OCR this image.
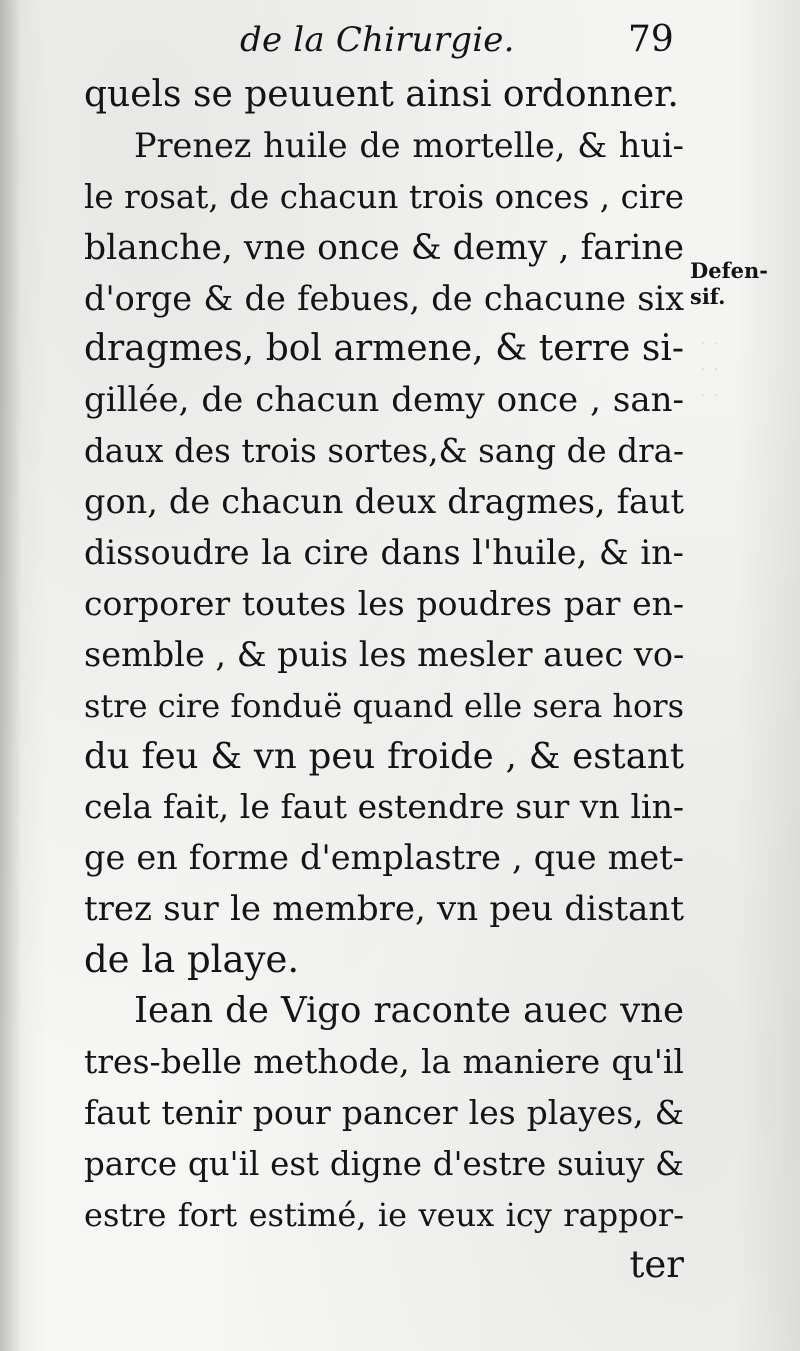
· ·
· ·
· ·
de la Chirurgie.	79
Defen-
sif.
quels se peuuent ainsi ordonner.
Prenez huile de mortelle, & hui-
le rosat, de chacun trois onces , cire
blanche, vne once & demy , farine
d'orge & de febues, de chacune six
dragmes, bol armene, & terre si-
gillée, de chacun demy once , san-
daux des trois sortes,& sang de dra-
gon, de chacun deux dragmes, faut
dissoudre la cire dans l'huile, & in-
corporer toutes les poudres par en-
semble , & puis les mesler auec vo-
stre cire fonduë quand elle sera hors
du feu & vn peu froide , & estant
cela fait, le faut estendre sur vn lin-
ge en forme d'emplastre , que met-
trez sur le membre, vn peu distant
de la playe.
Iean de Vigo raconte auec vne
tres-belle methode, la maniere qu'il
faut tenir pour pancer les playes, &
parce qu'il est digne d'estre suiuy &
estre fort estimé, ie veux icy rappor-
ter
